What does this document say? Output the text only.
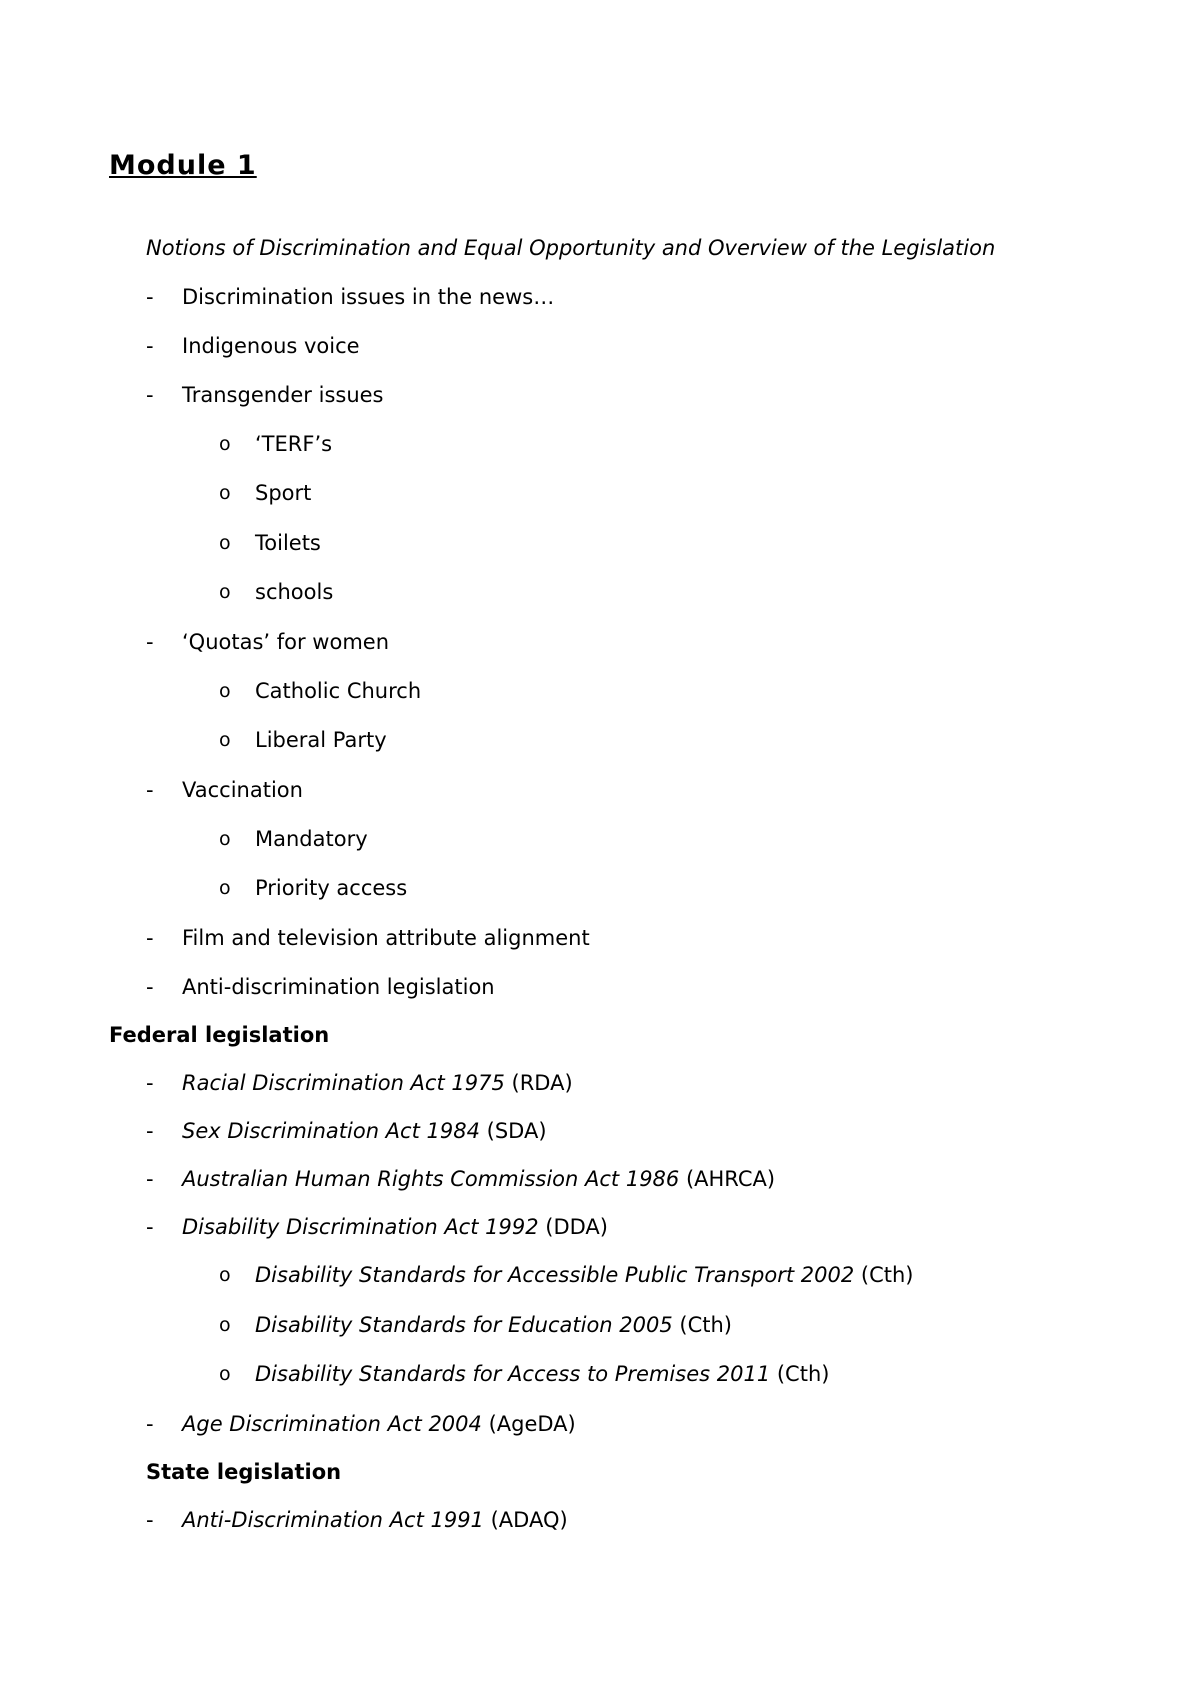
Module 1
Notions of Discrimination and Equal Opportunity and Overview of the Legislation
- Discrimination issues in the news…
- Indigenous voice
- Transgender issues
o ‘TERF’s
o Sport
o Toilets
o schools
- ‘Quotas’ for women
o Catholic Church
o Liberal Party
- Vaccination
o Mandatory
o Priority access
- Film and television attribute alignment
- Anti-discrimination legislation
Federal legislation
- Racial Discrimination Act 1975 (RDA)
- Sex Discrimination Act 1984 (SDA)
- Australian Human Rights Commission Act 1986 (AHRCA)
- Disability Discrimination Act 1992 (DDA)
o Disability Standards for Accessible Public Transport 2002 (Cth)
o Disability Standards for Education 2005 (Cth)
o Disability Standards for Access to Premises 2011 (Cth)
- Age Discrimination Act 2004 (AgeDA)
State legislation
- Anti-Discrimination Act 1991 (ADAQ)
